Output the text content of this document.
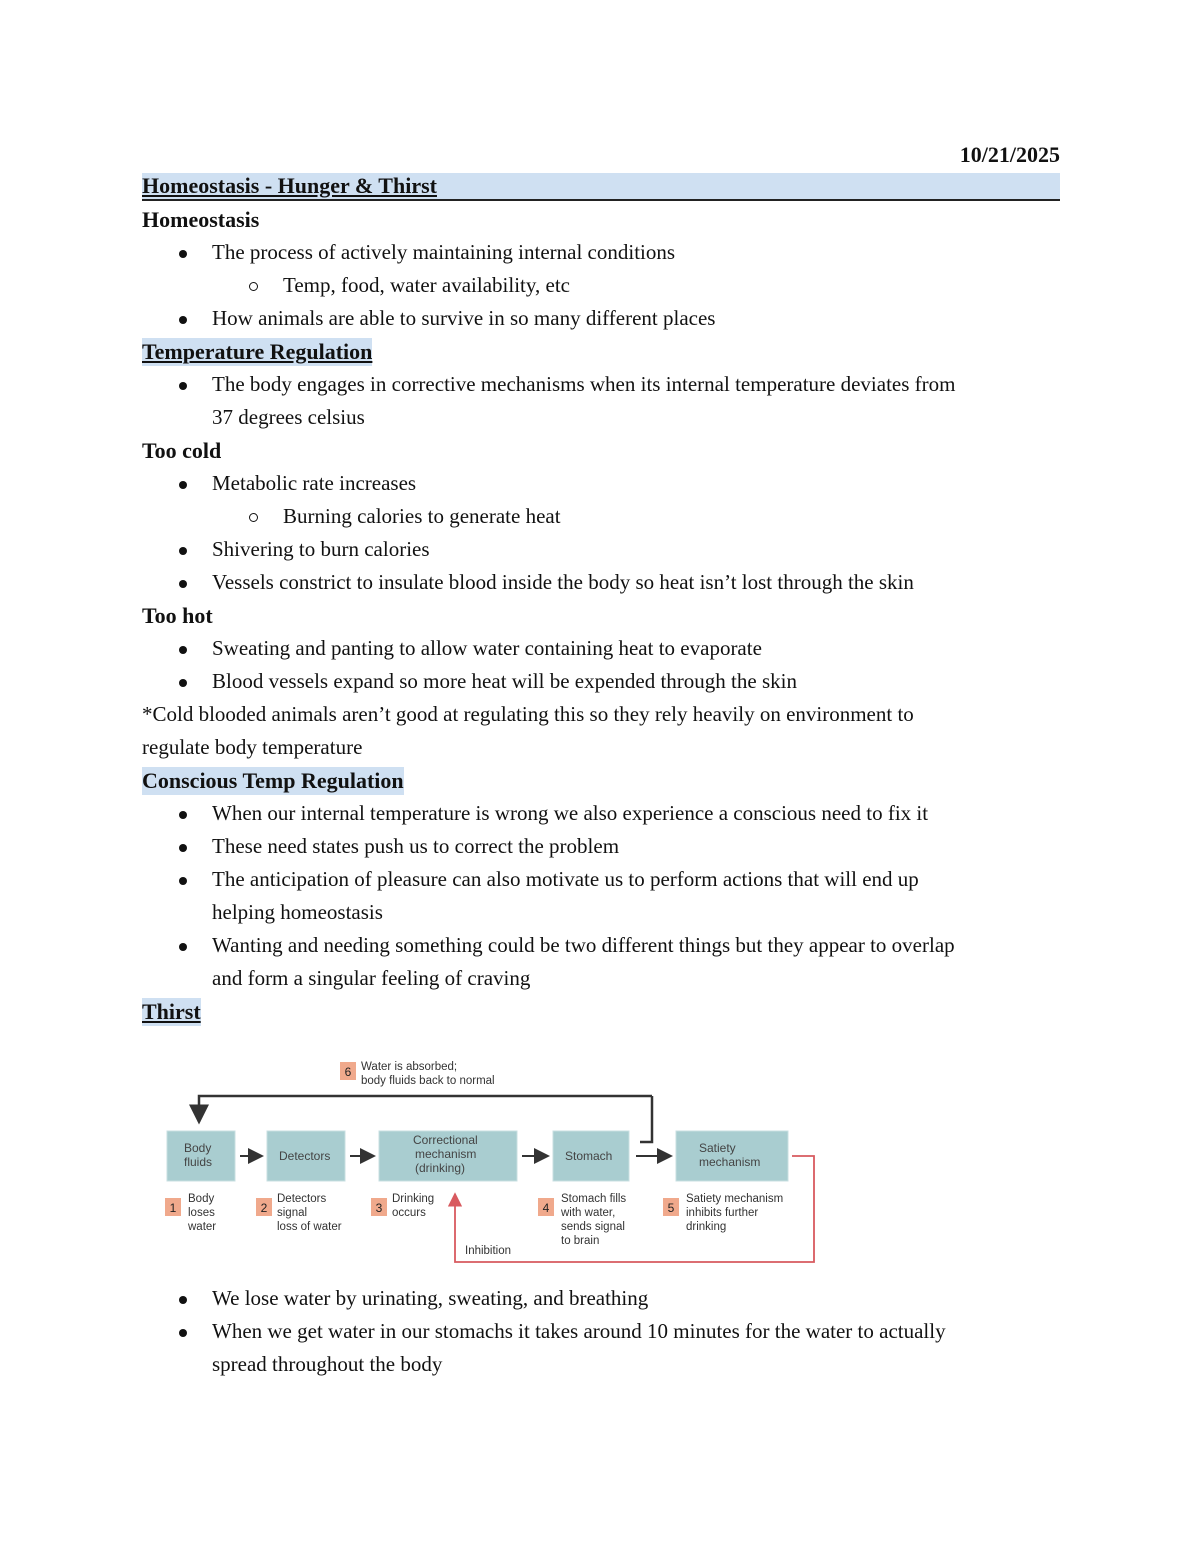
10/21/2025
Homeostasis - Hunger & Thirst
Homeostasis
The process of actively maintaining internal conditions
Temp, food, water availability, etc
How animals are able to survive in so many different places
Temperature Regulation
The body engages in corrective mechanisms when its internal temperature deviates from
37 degrees celsius
Too cold
Metabolic rate increases
Burning calories to generate heat
Shivering to burn calories
Vessels constrict to insulate blood inside the body so heat isn’t lost through the skin
Too hot
Sweating and panting to allow water containing heat to evaporate
Blood vessels expand so more heat will be expended through the skin
*Cold blooded animals aren’t good at regulating this so they rely heavily on environment to
regulate body temperature
Conscious Temp Regulation
When our internal temperature is wrong we also experience a conscious need to fix it
These need states push us to correct the problem
The anticipation of pleasure can also motivate us to perform actions that will end up
helping homeostasis
Wanting and needing something could be two different things but they appear to overlap
and form a singular feeling of craving
Thirst
6 Water is absorbed;
body fluids back to normal
Body
fluids	Detectors
Correctional
mechanism
(drinking)
Stomach
Satiety
mechanism
Inhibition
1
Body
loses
water
2
Detectors
signal
loss of water
3
Drinking
occurs	4
Stomach fills
with water,
sends signal
to brain
5
Satiety mechanism
inhibits further
drinking
We lose water by urinating, sweating, and breathing
When we get water in our stomachs it takes around 10 minutes for the water to actually
spread throughout the body
